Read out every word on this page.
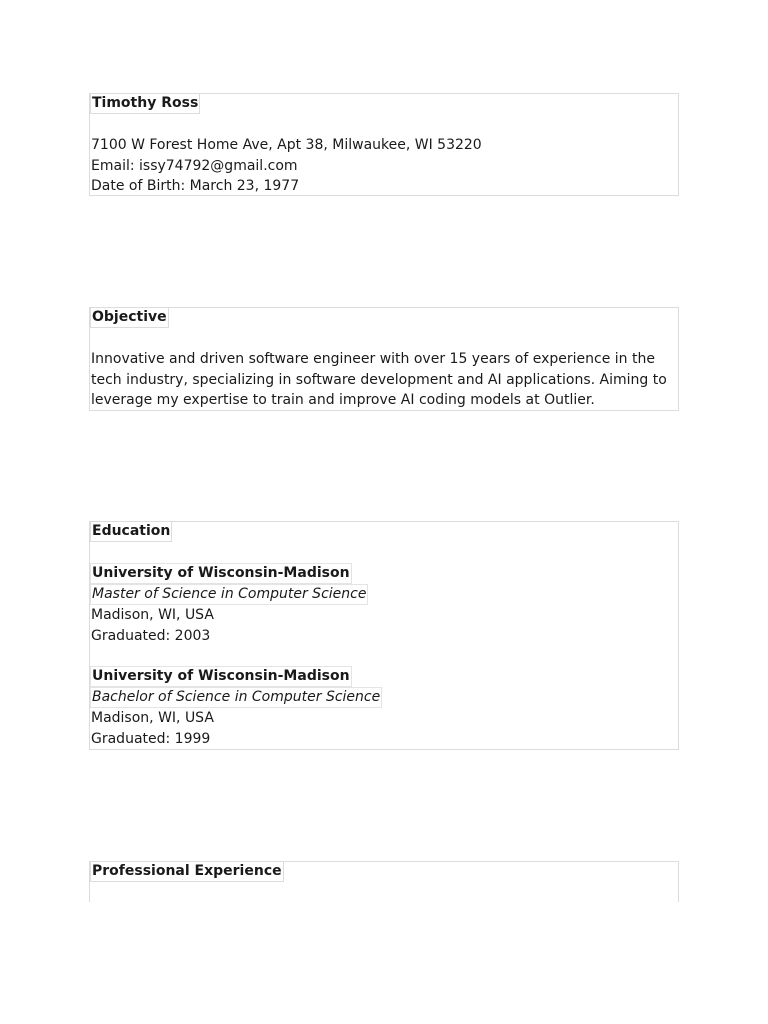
Timothy Ross
7100 W Forest Home Ave, Apt 38, Milwaukee, WI 53220
Email: issy74792@gmail.com
Date of Birth: March 23, 1977
Objective
Innovative and driven software engineer with over 15 years of experience in the tech industry, specializing in software development and AI applications. Aiming to leverage my expertise to train and improve AI coding models at Outlier.
Education
University of Wisconsin-Madison
Master of Science in Computer Science
Madison, WI, USA
Graduated: 2003
University of Wisconsin-Madison
Bachelor of Science in Computer Science
Madison, WI, USA
Graduated: 1999
Professional Experience
